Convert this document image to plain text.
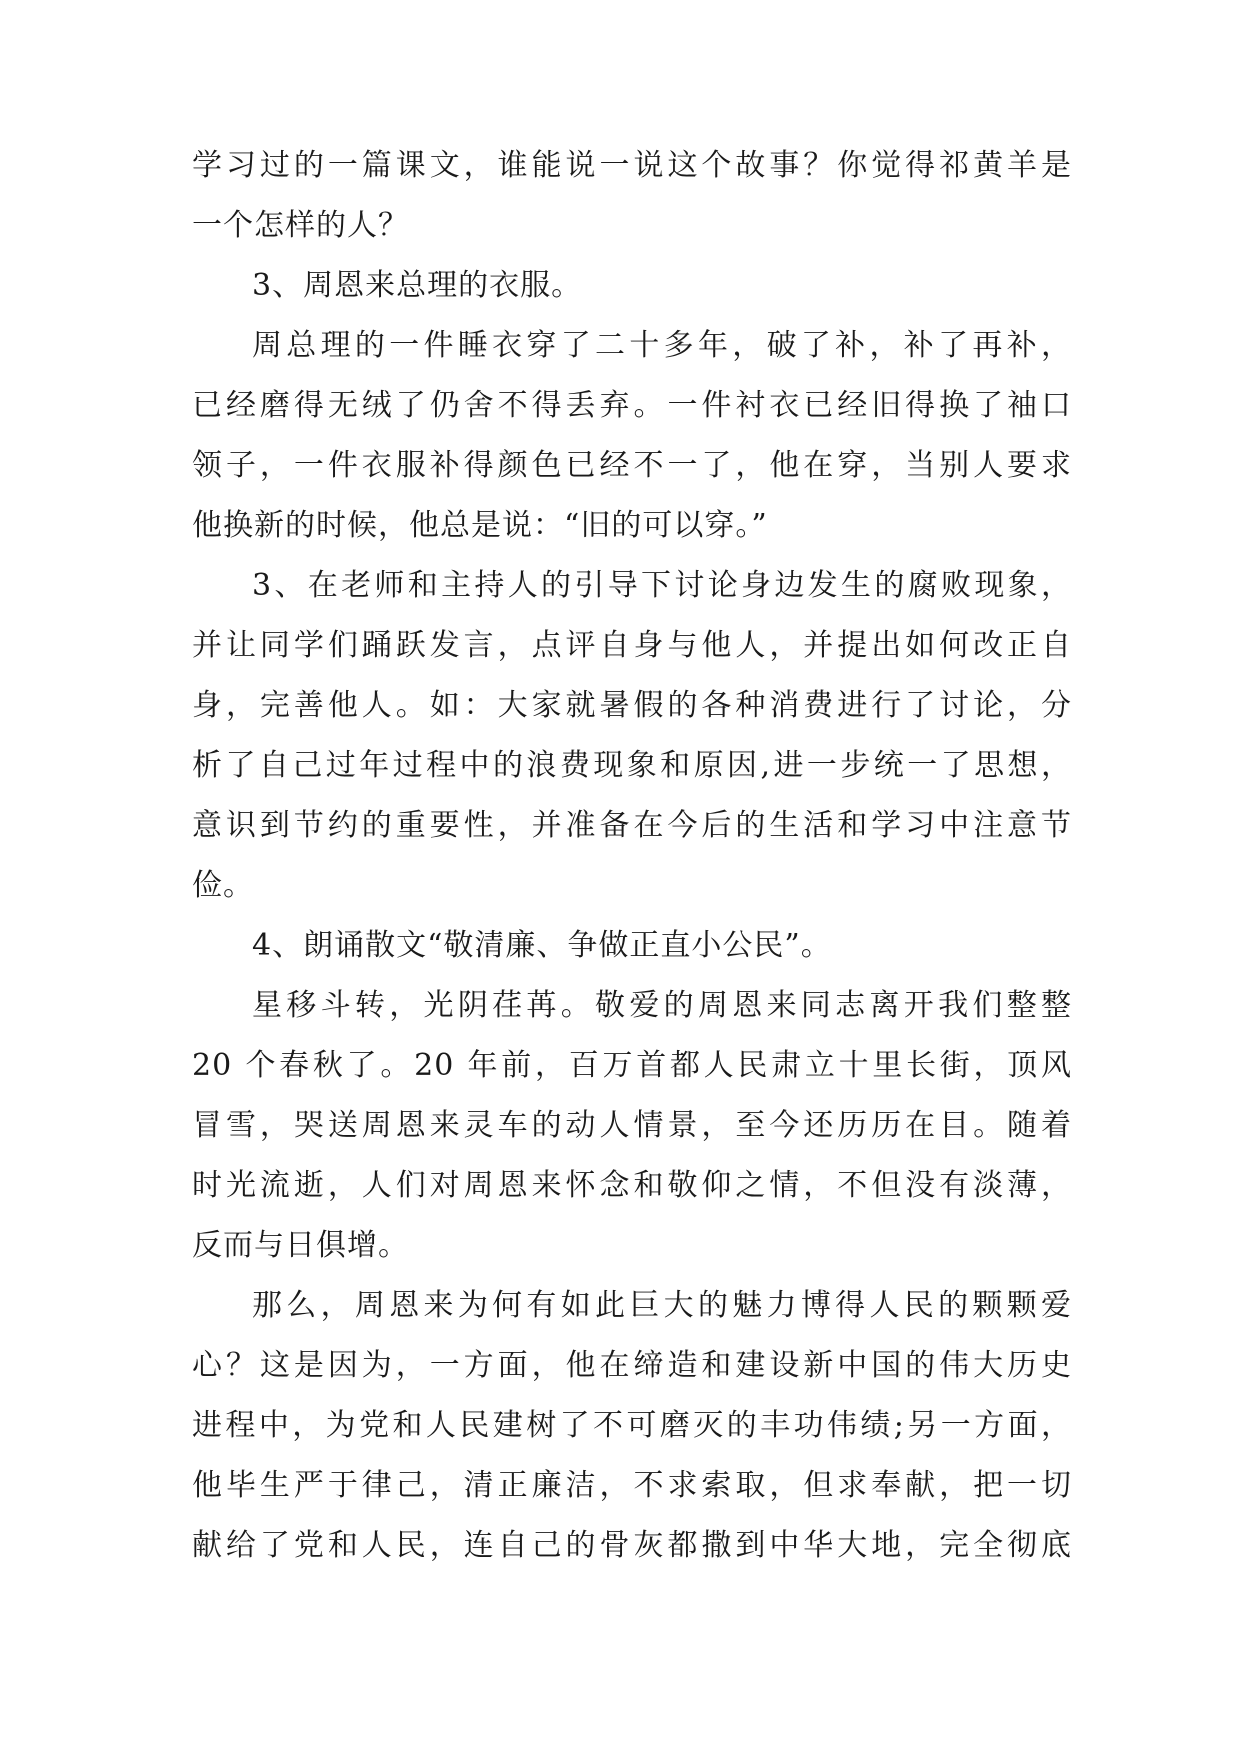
学习过的一篇课文，谁能说一说这个故事？你觉得祁黄羊是
一个怎样的人？
3、周恩来总理的衣服。
周总理的一件睡衣穿了二十多年，破了补，补了再补，
已经磨得无绒了仍舍不得丢弃。一件衬衣已经旧得换了袖口
领子，一件衣服补得颜色已经不一了，他在穿，当别人要求
他换新的时候，他总是说：“旧的可以穿。”
3、在老师和主持人的引导下讨论身边发生的腐败现象，
并让同学们踊跃发言，点评自身与他人，并提出如何改正自
身，完善他人。如：大家就暑假的各种消费进行了讨论，分
析了自己过年过程中的浪费现象和原因,进一步统一了思想，
意识到节约的重要性，并准备在今后的生活和学习中注意节
俭。
4、朗诵散文“敬清廉、争做正直小公民”。
星移斗转，光阴荏苒。敬爱的周恩来同志离开我们整整
20 个春秋了。20 年前，百万首都人民肃立十里长街，顶风
冒雪，哭送周恩来灵车的动人情景，至今还历历在目。随着
时光流逝，人们对周恩来怀念和敬仰之情，不但没有淡薄，
反而与日俱增。
那么，周恩来为何有如此巨大的魅力博得人民的颗颗爱
心？这是因为，一方面，他在缔造和建设新中国的伟大历史
进程中，为党和人民建树了不可磨灭的丰功伟绩;另一方面，
他毕生严于律己，清正廉洁，不求索取，但求奉献，把一切
献给了党和人民，连自己的骨灰都撒到中华大地，完全彻底
